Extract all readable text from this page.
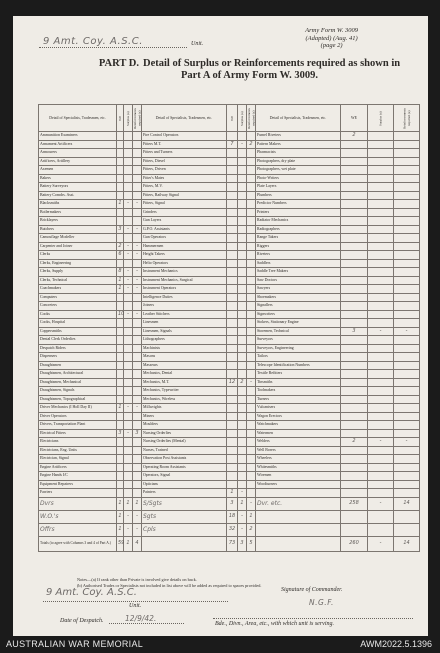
9 Amt. Coy. A.S.C.	Unit.
Army Form W. 3009
(Adapted) (Aug. 41)
(page 2)
PART D. Detail of Surplus or Reinforcements required as shown in
Part A of Army Form W. 3009.
Detail of Specialists, Tradesmen, etc.	WE	Surplus (a)	Reinforcements required (a)	Detail of Specialists, Tradesmen, etc.	WE	Surplus (a)	Reinforcements required (a)	Detail of Specialists, Tradesmen, etc.	WE	Surplus (a)	Reinforcements required (a)
Ammunition Examiners				Fire Control Operators				Fumel Riveters	2		
Armament Artificers				Fitters M.T.	7	-	2	Pattern Makers			
Armourers				Fitters and Turners				Pharmacists			
Artificers, Artillery				Fitters, Diesel				Photographers, dry plate			
Axemen				Fitters, Driven				Photographers, wet plate			
Bakers				Fitter's Mates				Photo-Writers			
Battery Surveyors				Fitters, M.V.				Plate Layers			
Battery Comdrs. Asst.				Fitters, Railway Signal				Plumbers			
Blacksmiths	1	-	-	Fitters, Signal				Predictor Numbers			
Boilermakers				Grinders				Printers			
Bricklayers				Gun Layers				Radiator Mechanics			
Butchers	3	-	-	G.P.O. Assistants				Radiographers			
Camouflage Modeller				Gun Operators				Range Takers			
Carpenter and Joiner	2	-	-	Hammermen				Riggers			
Clerks	6	-	-	Height Takers				Riveters			
Clerks, Engineering				Helio Operators				Saddlers			
Clerks, Supply	8	-	-	Instrument Mechanics				Saddle Tree Makers			
Clerks, Technical	1	-	-	Instrument Mechanics, Surgical				Saw Doctors			
Coachmakers	1	-	-	Instrument Operators				Sawyers			
Computers				Intelligence Duties				Shoemakers			
Concreters				Joiners				Signallers			
Cooks	10	-	-	Leather Stitchers				Signwriters			
Cooks, Hospital				Linesmen				Stokers, Stationary Engine			
Coppersmiths				Linesmen, Signals				Storemen, Technical	3	-	-
Dental Clerk Orderlies				Lithographers				Surveyors			
Despatch Riders				Machinists				Surveyors, Engineering			
Dispensers				Masons				Tailors			
Draughtsmen				Masseurs				Telescope Identification Numbers			
Draughtsmen, Architectural				Mechanics, Dental				Textile Refitters			
Draughtsmen, Mechanical				Mechanics, M.T.	12	2	-	Tinsmiths			
Draughtsmen, Signals				Mechanics, Typewriter				Toolmakers			
Draughtsmen, Topographical				Mechanics, Wireless				Turners			
Driver Mechanics (I Holl Day II)	1	-	-	Millwrights				Vulcanisers			
Driver Operators				Miners				Wagon Erectors			
Drivers, Transportation Plant				Moulders				Watchmakers			
Electrical Fitters	3	-	3	Nursing Orderlies				Watermen			
Electricians				Nursing Orderlies (Mental)				Welders	2	-	-
Electricians, Eng. Units				Nurses, Trained				Well Borers			
Electrician, Signal				Observation Post Assistants				Wheelers			
Engine Artificers				Operating Room Assistants				Whitesmiths			
Engine Hands I/C				Operators, Signal				Wiremen			
Equipment Repairers				Opticians				Woodturners			
Farriers				Painters	1	-					
Dvrs	1	1	1	S/Sgts	3	1	-	Dvr. etc.	258	-	14
W.O.'s	1	-	-	Sgts	18	-	1				
Offrs	1	-	-	Cpls	32	-	2				
Totals (to agree with Columns 3 and 4 of Part A.)	59	1	4		73	3	5		260	-	14
Notes—(a) If rank other than Private is involved give details on back.
(b) Authorised Trades or Specialists not included in list above will be added as required to spaces provided.
9 Amt. Coy. A.S.C.
Unit.
Signature of Commander.
N.G.F.
12/9/42.
Date of Despatch.	Bde., Divn., Area, etc., with which unit is serving.
AUSTRALIAN WAR MEMORIAL	AWM2022.5.1396
